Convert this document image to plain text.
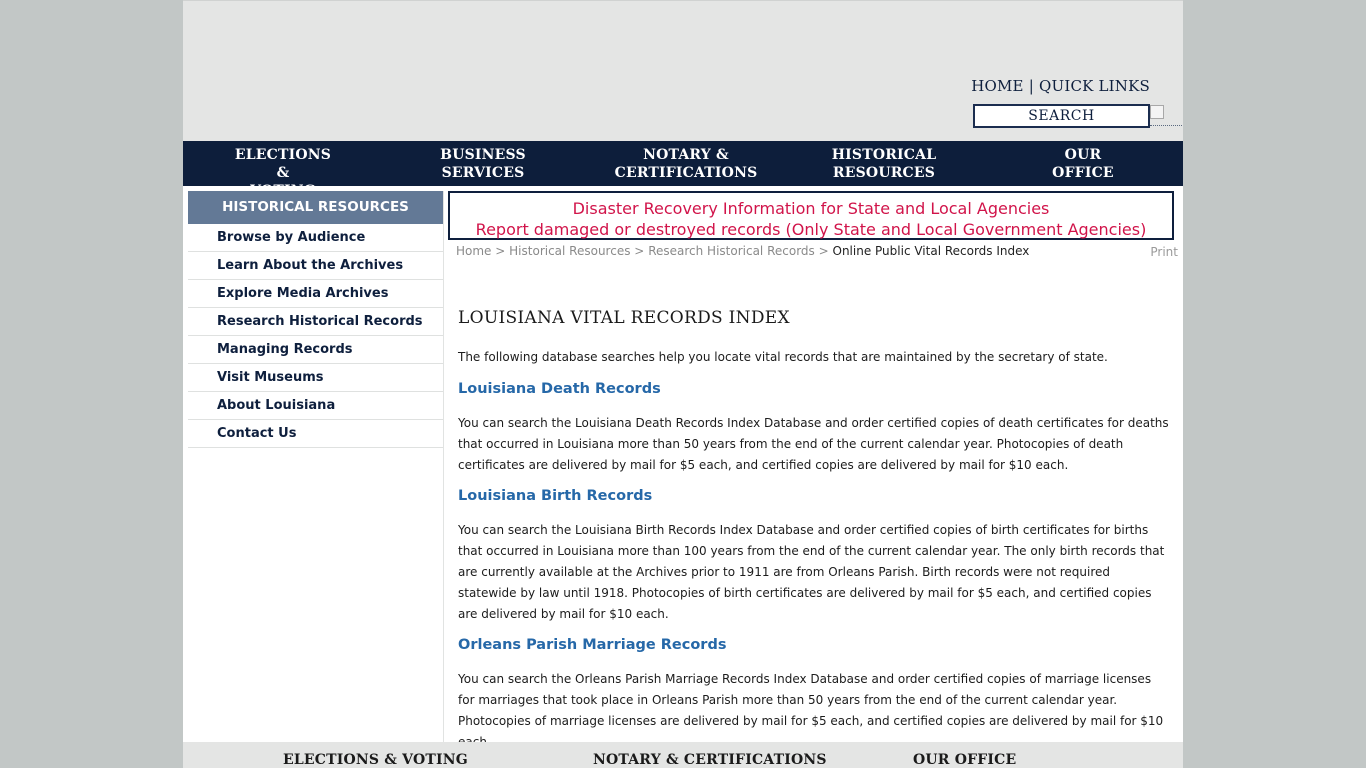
HOME | QUICK LINKS
SEARCH
ELECTIONS &

BUSINESS
SERVICES
NOTARY &
CERTIFICATIONS
HISTORICAL
RESOURCES
OUR
OFFICE
HISTORICAL RESOURCES
Browse by Audience
Learn About the Archives
Explore Media Archives
Research Historical Records
Managing Records
Visit Museums
About Louisiana
Contact Us
Disaster Recovery Information for State and Local Agencies
Report damaged or destroyed records (Only State and Local Government Agencies)
Home > Historical Resources > Research Historical Records > Online Public Vital Records Index	Print
LOUISIANA VITAL RECORDS INDEX
The following database searches help you locate vital records that are maintained by the secretary of state.
Louisiana Death Records
You can search the Louisiana Death Records Index Database and order certified copies of death certificates for deaths that occurred in Louisiana more than 50 years from the end of the current calendar year. Photocopies of death certificates are delivered by mail for $5 each, and certified copies are delivered by mail for $10 each.
Louisiana Birth Records
You can search the Louisiana Birth Records Index Database and order certified copies of birth certificates for births that occurred in Louisiana more than 100 years from the end of the current calendar year. The only birth records that are currently available at the Archives prior to 1911 are from Orleans Parish. Birth records were not required statewide by law until 1918. Photocopies of birth certificates are delivered by mail for $5 each, and certified copies are delivered by mail for $10 each.
Orleans Parish Marriage Records
You can search the Orleans Parish Marriage Records Index Database and order certified copies of marriage licenses for marriages that took place in Orleans Parish more than 50 years from the end of the current calendar year. Photocopies of marriage licenses are delivered by mail for $5 each, and certified copies are delivered by mail for $10
ELECTIONS & VOTING	NOTARY & CERTIFICATIONS	OUR OFFICE
